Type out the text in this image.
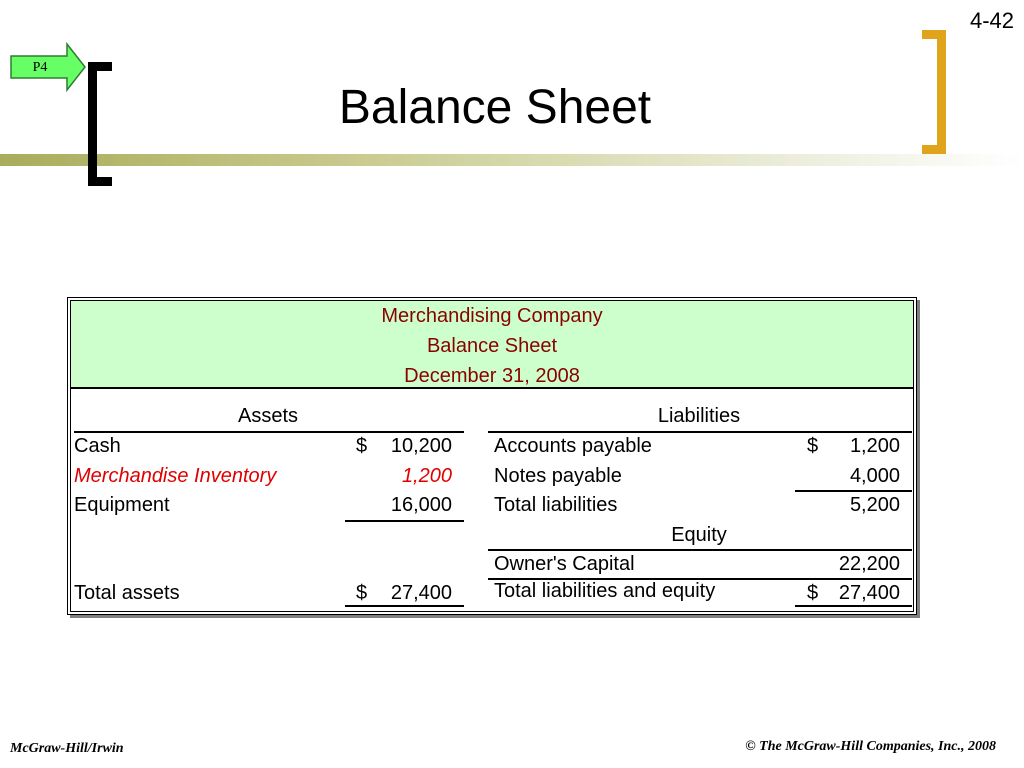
4-42
P4
Balance Sheet
Merchandising Company
Balance Sheet
December 31, 2008
Assets	Liabilities
Cash	$	10,200
Merchandise Inventory	1,200
Equipment	16,000
Total assets	$	27,400
Accounts payable	$	1,200
Notes payable	4,000
Total liabilities	5,200
Equity
Owner's Capital	22,200
Total liabilities and equity	$	27,400
McGraw-Hill/Irwin	© The McGraw-Hill Companies, Inc., 2008
